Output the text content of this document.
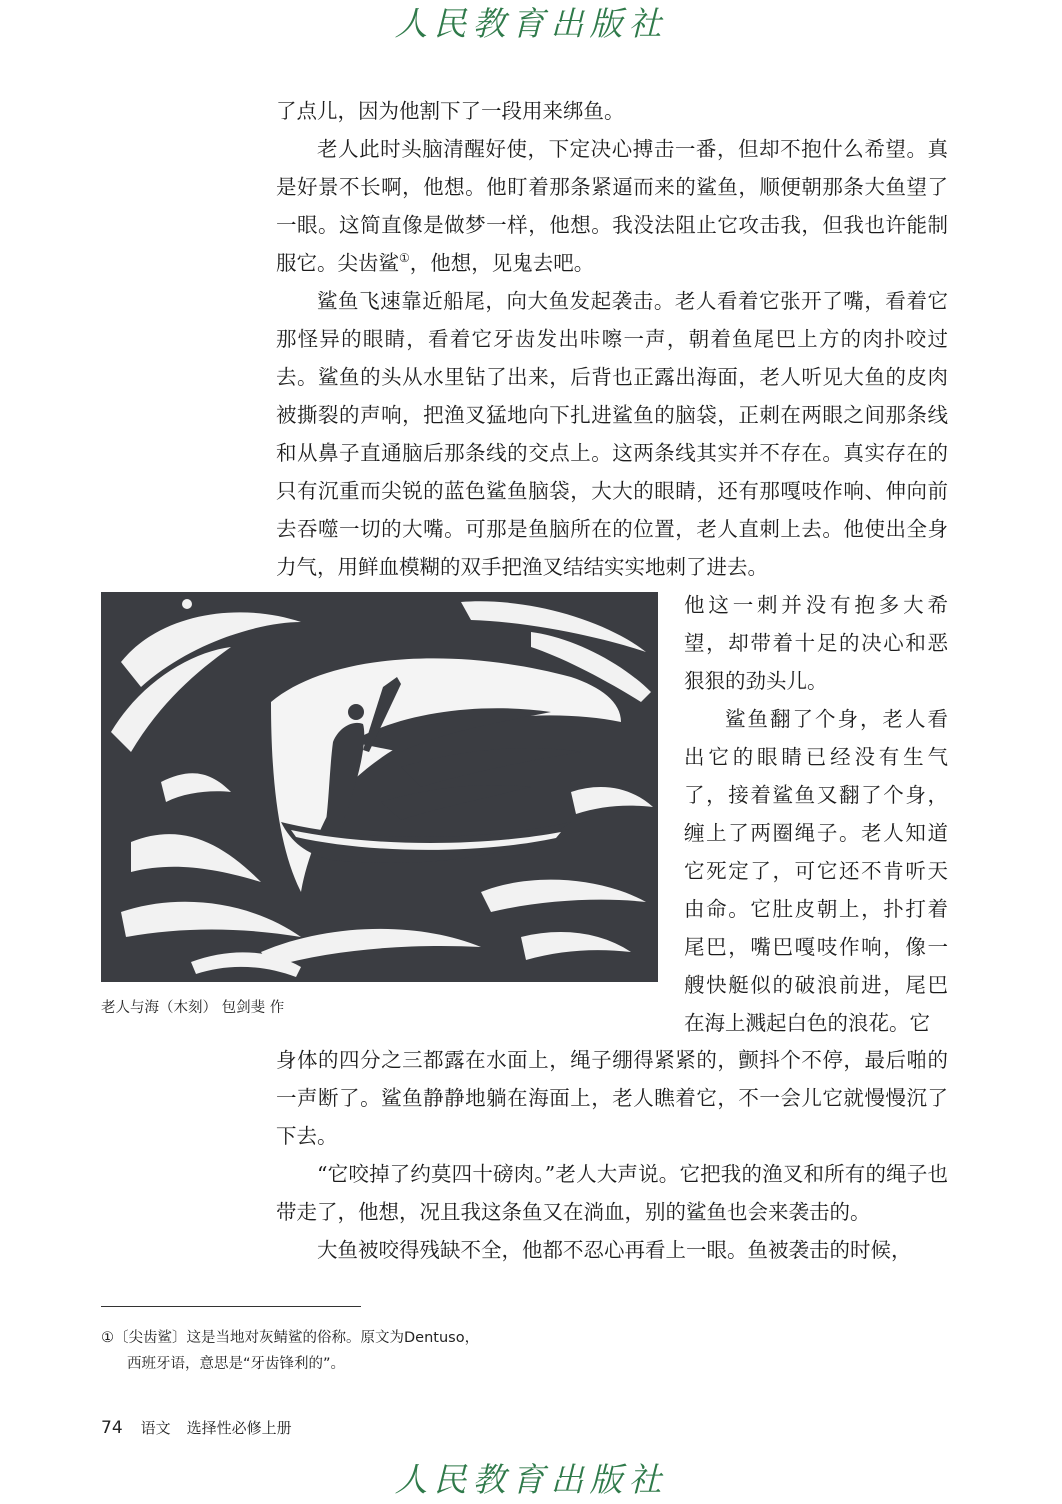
人民教育出版社

了点儿，因为他割下了一段用来绑鱼。

老人此时头脑清醒好使，下定决心搏击一番，但却不抱什么希望。真是好景不长啊，他想。他盯着那条紧逼而来的鲨鱼，顺便朝那条大鱼望了一眼。这简直像是做梦一样，他想。我没法阻止它攻击我，但我也许能制服它。尖齿鲨①，他想，见鬼去吧。

鲨鱼飞速靠近船尾，向大鱼发起袭击。老人看着它张开了嘴，看着它那怪异的眼睛，看着它牙齿发出咔嚓一声，朝着鱼尾巴上方的肉扑咬过去。鲨鱼的头从水里钻了出来，后背也正露出海面，老人听见大鱼的皮肉被撕裂的声响，把渔叉猛地向下扎进鲨鱼的脑袋，正刺在两眼之间那条线和从鼻子直通脑后那条线的交点上。这两条线其实并不存在。真实存在的只有沉重而尖锐的蓝色鲨鱼脑袋，大大的眼睛，还有那嘎吱作响、伸向前去吞噬一切的大嘴。可那是鱼脑所在的位置，老人直刺上去。他使出全身力气，用鲜血模糊的双手把渔叉结结实实地刺了进去。

老人与海（木刻） 包剑斐 作

他这一刺并没有抱多大希望，却带着十足的决心和恶狠狠的劲头儿。

鲨鱼翻了个身，老人看出它的眼睛已经没有生气了，接着鲨鱼又翻了个身，缠上了两圈绳子。老人知道它死定了，可它还不肯听天由命。它肚皮朝上，扑打着尾巴，嘴巴嘎吱作响，像一艘快艇似的破浪前进，尾巴在海上溅起白色的浪花。它

身体的四分之三都露在水面上，绳子绷得紧紧的，颤抖个不停，最后啪的一声断了。鲨鱼静静地躺在海面上，老人瞧着它，不一会儿它就慢慢沉了下去。

“它咬掉了约莫四十磅肉。”老人大声说。它把我的渔叉和所有的绳子也带走了，他想，况且我这条鱼又在淌血，别的鲨鱼也会来袭击的。

大鱼被咬得残缺不全，他都不忍心再看上一眼。鱼被袭击的时候，

①〔尖齿鲨〕这是当地对灰鲭鲨的俗称。原文为Dentuso，
西班牙语，意思是“牙齿锋利的”。
74 语文 选择性必修上册
人民教育出版社
